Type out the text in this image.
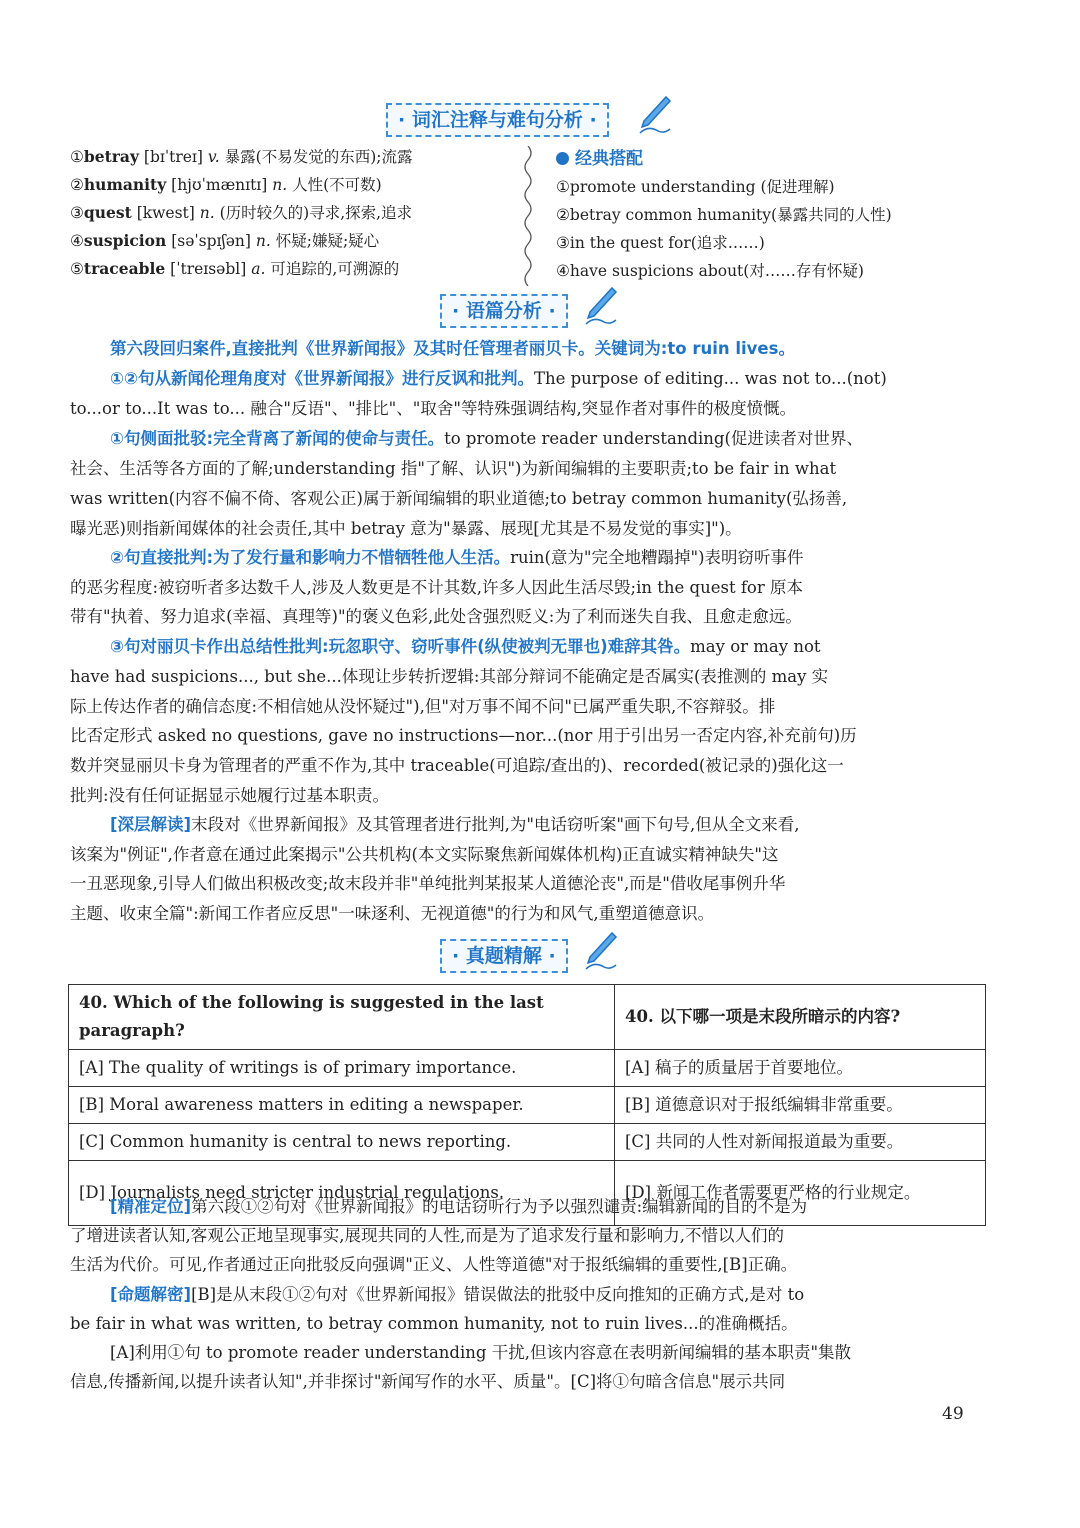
· 词汇注释与难句分析 ·
①betray [bɪˈtreɪ] v. 暴露(不易发觉的东西);流露
②humanity [hjʊˈmænɪtɪ] n. 人性(不可数)
③quest [kwest] n. (历时较久的)寻求,探索,追求
④suspicion [səˈspɪʃən] n. 怀疑;嫌疑;疑心
⑤traceable [ˈtreɪsəbl] a. 可追踪的,可溯源的
经典搭配
①promote understanding (促进理解)
②betray common humanity(暴露共同的人性)
③in the quest for(追求……)
④have suspicions about(对……存有怀疑)
· 语篇分析 ·
第六段回归案件,直接批判《世界新闻报》及其时任管理者丽贝卡。关键词为:to ruin lives。
①②句从新闻伦理角度对《世界新闻报》进行反讽和批判。The purpose of editing... was not to...(not)
to...or to...It was to... 融合"反语"、"排比"、"取舍"等特殊强调结构,突显作者对事件的极度愤慨。
①句侧面批驳:完全背离了新闻的使命与责任。to promote reader understanding(促进读者对世界、
社会、生活等各方面的了解;understanding 指"了解、认识")为新闻编辑的主要职责;to be fair in what
was written(内容不偏不倚、客观公正)属于新闻编辑的职业道德;to betray common humanity(弘扬善,
曝光恶)则指新闻媒体的社会责任,其中 betray 意为"暴露、展现[尤其是不易发觉的事实]")。
②句直接批判:为了发行量和影响力不惜牺牲他人生活。ruin(意为"完全地糟蹋掉")表明窃听事件
的恶劣程度:被窃听者多达数千人,涉及人数更是不计其数,许多人因此生活尽毁;in the quest for 原本
带有"执着、努力追求(幸福、真理等)"的褒义色彩,此处含强烈贬义:为了利而迷失自我、且愈走愈远。
③句对丽贝卡作出总结性批判:玩忽职守、窃听事件(纵使被判无罪也)难辞其咎。may or may not
have had suspicions..., but she...体现让步转折逻辑:其部分辩词不能确定是否属实(表推测的 may 实
际上传达作者的确信态度:不相信她从没怀疑过"),但"对万事不闻不问"已属严重失职,不容辩驳。排
比否定形式 asked no questions, gave no instructions—nor...(nor 用于引出另一否定内容,补充前句)历
数并突显丽贝卡身为管理者的严重不作为,其中 traceable(可追踪/查出的)、recorded(被记录的)强化这一
批判:没有任何证据显示她履行过基本职责。
[深层解读]末段对《世界新闻报》及其管理者进行批判,为"电话窃听案"画下句号,但从全文来看,
该案为"例证",作者意在通过此案揭示"公共机构(本文实际聚焦新闻媒体机构)正直诚实精神缺失"这
一丑恶现象,引导人们做出积极改变;故末段并非"单纯批判某报某人道德沦丧",而是"借收尾事例升华
主题、收束全篇":新闻工作者应反思"一味逐利、无视道德"的行为和风气,重塑道德意识。
· 真题精解 ·
40. Which of the following is suggested in the last paragraph?	40. 以下哪一项是末段所暗示的内容?
[A] The quality of writings is of primary importance.	[A] 稿子的质量居于首要地位。
[B] Moral awareness matters in editing a newspaper.	[B] 道德意识对于报纸编辑非常重要。
[C] Common humanity is central to news reporting.	[C] 共同的人性对新闻报道最为重要。
[D] Journalists need stricter industrial regulations.	[D] 新闻工作者需要更严格的行业规定。
[精准定位]第六段①②句对《世界新闻报》的电话窃听行为予以强烈谴责:编辑新闻的目的不是为
了增进读者认知,客观公正地呈现事实,展现共同的人性,而是为了追求发行量和影响力,不惜以人们的
生活为代价。可见,作者通过正向批驳反向强调"正义、人性等道德"对于报纸编辑的重要性,[B]正确。
[命题解密][B]是从末段①②句对《世界新闻报》错误做法的批驳中反向推知的正确方式,是对 to
be fair in what was written, to betray common humanity, not to ruin lives...的准确概括。
[A]利用①句 to promote reader understanding 干扰,但该内容意在表明新闻编辑的基本职责"集散
信息,传播新闻,以提升读者认知",并非探讨"新闻写作的水平、质量"。[C]将①句暗含信息"展示共同
49
